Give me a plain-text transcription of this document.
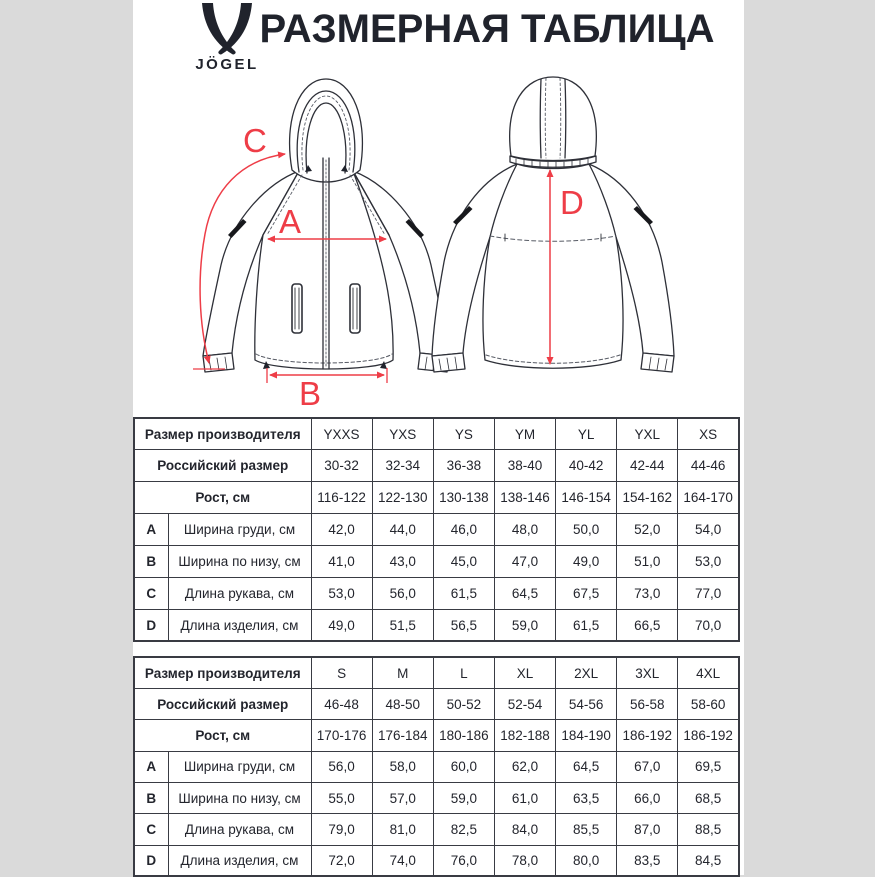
JÖGEL
РАЗМЕРНАЯ ТАБЛИЦА
A
B
C
D
Размер производителя		YXXS	YXS	YS	YM	YL	YXL	XS
Российский размер		30-32	32-34	36-38	38-40	40-42	42-44	44-46
Рост, см		116-122	122-130	130-138	138-146	146-154	154-162	164-170
A	Ширина груди, см	42,0	44,0	46,0	48,0	50,0	52,0	54,0
B	Ширина по низу, см	41,0	43,0	45,0	47,0	49,0	51,0	53,0
C	Длина рукава, см	53,0	56,0	61,5	64,5	67,5	73,0	77,0
D	Длина изделия, см	49,0	51,5	56,5	59,0	61,5	66,5	70,0
Размер производителя		S	M	L	XL	2XL	3XL	4XL
Российский размер		46-48	48-50	50-52	52-54	54-56	56-58	58-60
Рост, см		170-176	176-184	180-186	182-188	184-190	186-192	186-192
A	Ширина груди, см	56,0	58,0	60,0	62,0	64,5	67,0	69,5
B	Ширина по низу, см	55,0	57,0	59,0	61,0	63,5	66,0	68,5
C	Длина рукава, см	79,0	81,0	82,5	84,0	85,5	87,0	88,5
D	Длина изделия, см	72,0	74,0	76,0	78,0	80,0	83,5	84,5
